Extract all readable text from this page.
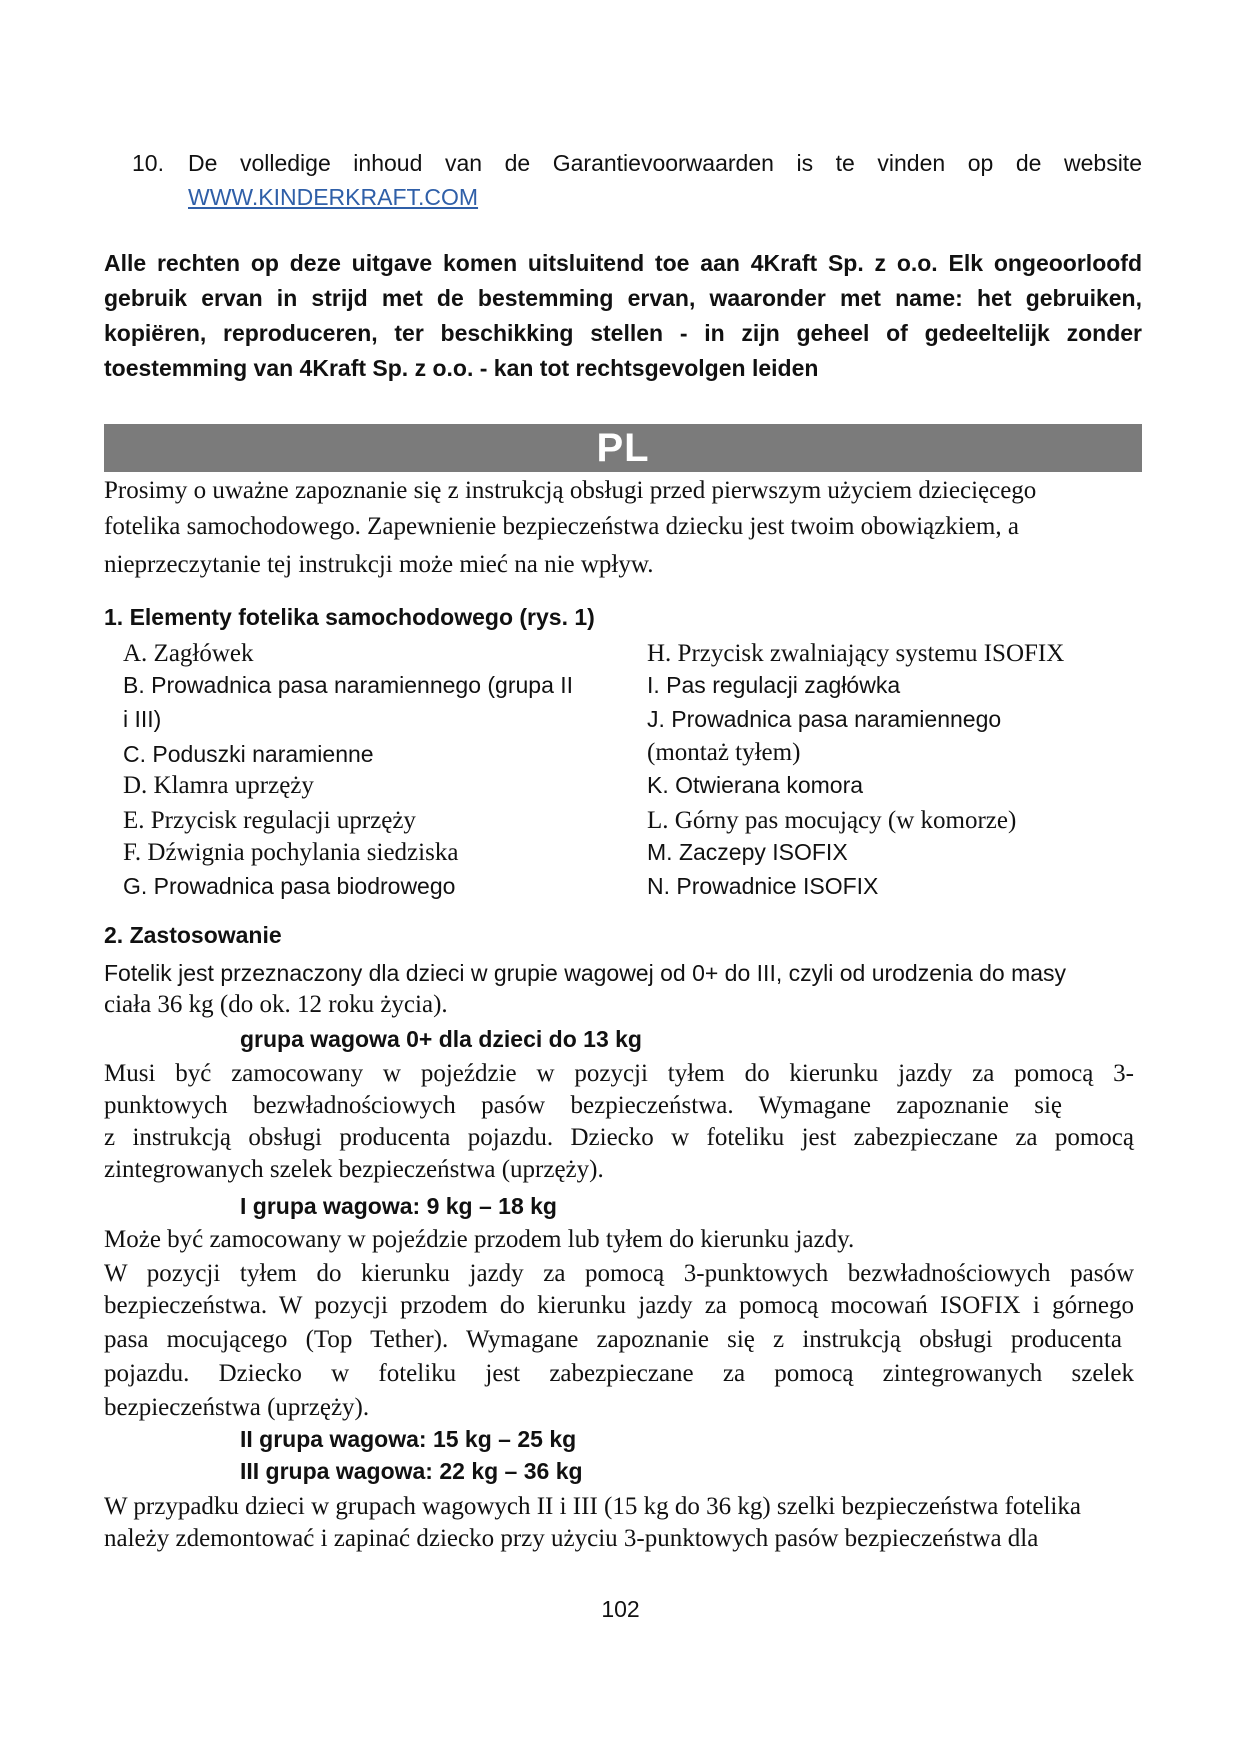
10. De volledige inhoud van de Garantievoorwaarden is te vinden op de website
WWW.KINDERKRAFT.COM

Alle rechten op deze uitgave komen uitsluitend toe aan 4Kraft Sp. z o.o. Elk ongeoorloofd

gebruik ervan in strijd met de bestemming ervan, waaronder met name: het gebruiken,

kopiëren, reproduceren, ter beschikking stellen - in zijn geheel of gedeeltelijk zonder

toestemming van 4Kraft Sp. z o.o. - kan tot rechtsgevolgen leiden

PL

Prosimy o uważne zapoznanie się z instrukcją obsługi przed pierwszym użyciem dziecięcego

fotelika samochodowego. Zapewnienie bezpieczeństwa dziecku jest twoim obowiązkiem, a

nieprzeczytanie tej instrukcji może mieć na nie wpływ.

1. Elementy fotelika samochodowego (rys. 1)
A. Zagłówek
B. Prowadnica pasa naramiennego (grupa II
i III)
C. Poduszki naramienne
D. Klamra uprzęży
E. Przycisk regulacji uprzęży
F. Dźwignia pochylania siedziska
G. Prowadnica pasa biodrowego
H. Przycisk zwalniający systemu ISOFIX
I. Pas regulacji zagłówka
J. Prowadnica pasa naramiennego
(montaż tyłem)
K. Otwierana komora
L. Górny pas mocujący (w komorze)
M. Zaczepy ISOFIX
N. Prowadnice ISOFIX
2. Zastosowanie
Fotelik jest przeznaczony dla dzieci w grupie wagowej od 0+ do III, czyli od urodzenia do masy
ciała 36 kg (do ok. 12 roku życia).
grupa wagowa 0+ dla dzieci do 13 kg
Musi być zamocowany w pojeździe w pozycji tyłem do kierunku jazdy za pomocą 3-
punktowych bezwładnościowych pasów bezpieczeństwa. Wymagane zapoznanie się
z instrukcją obsługi producenta pojazdu. Dziecko w foteliku jest zabezpieczane za pomocą
zintegrowanych szelek bezpieczeństwa (uprzęży).
I grupa wagowa: 9 kg – 18 kg
Może być zamocowany w pojeździe przodem lub tyłem do kierunku jazdy.
W pozycji tyłem do kierunku jazdy za pomocą 3-punktowych bezwładnościowych pasów
bezpieczeństwa. W pozycji przodem do kierunku jazdy za pomocą mocowań ISOFIX i górnego
pasa mocującego (Top Tether). Wymagane zapoznanie się z instrukcją obsługi producenta
pojazdu. Dziecko w foteliku jest zabezpieczane za pomocą zintegrowanych szelek
bezpieczeństwa (uprzęży).
II grupa wagowa: 15 kg – 25 kg
III grupa wagowa: 22 kg – 36 kg
W przypadku dzieci w grupach wagowych II i III (15 kg do 36 kg) szelki bezpieczeństwa fotelika
należy zdemontować i zapinać dziecko przy użyciu 3-punktowych pasów bezpieczeństwa dla
102
